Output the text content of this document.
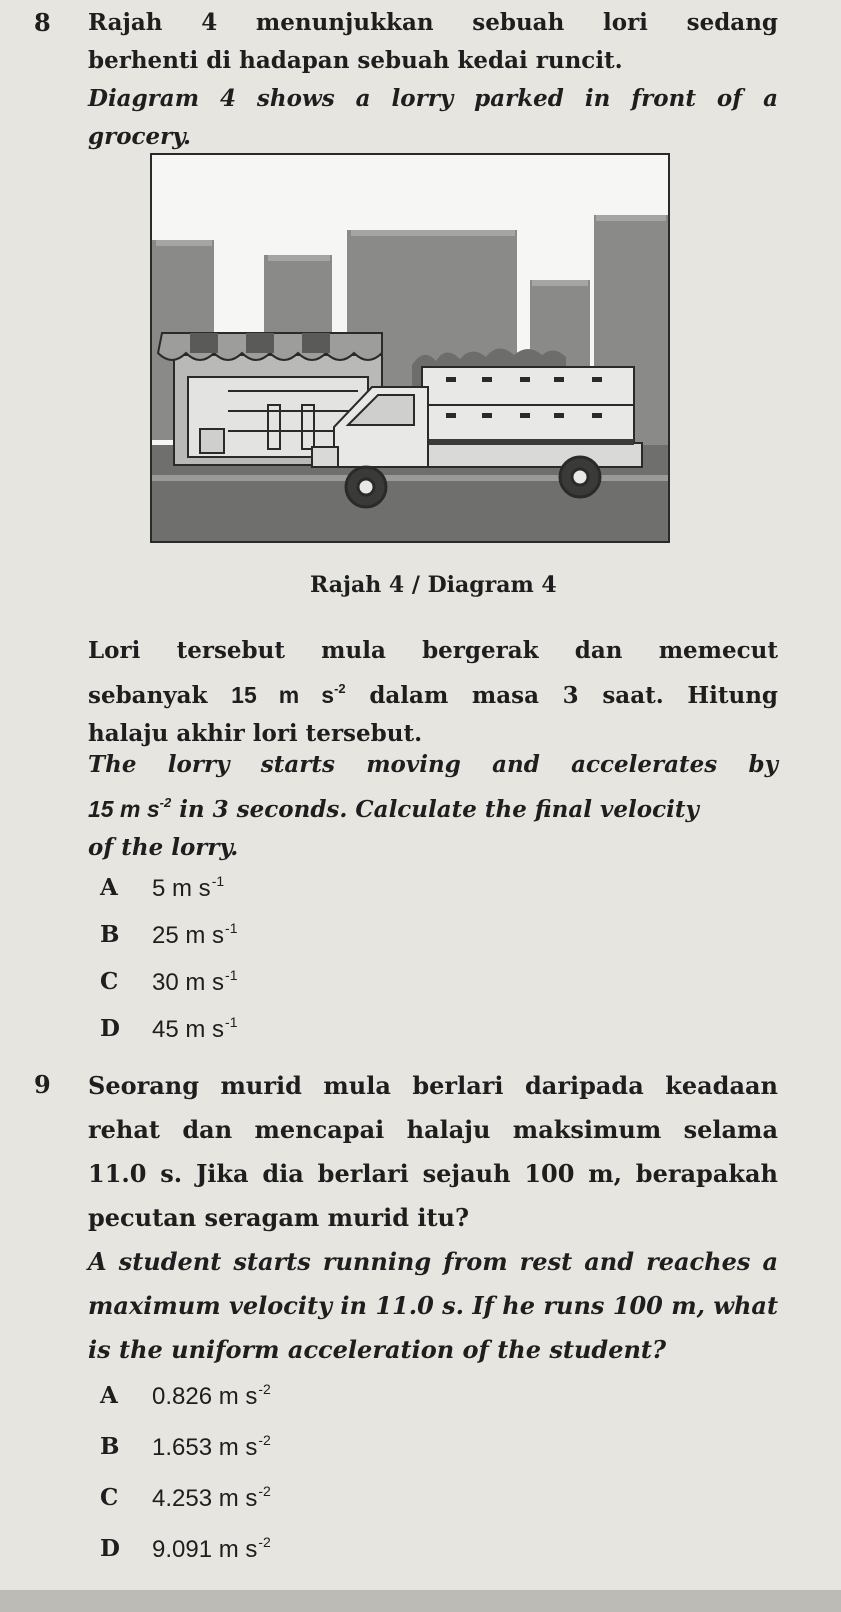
8 Rajah 4 menunjukkan sebuah lori sedang
berhenti di hadapan sebuah kedai runcit.
Diagram 4 shows a lorry parked in front of a
grocery.
Rajah 4 / Diagram 4
Lori tersebut mula bergerak dan memecut
sebanyak 15 m $s^{-2}$ dalam masa 3 saat. Hitung
halaju akhir lori tersebut.
The lorry starts moving and accelerates by
15 m $s^{-2}$ in 3 seconds. Calculate the final velocity
of the lorry.
A	5 m $s^{-1}$
B	25 m $s^{-1}$
C	30 m $s^{-1}$
D	45 m $s^{-1}$
9 Seorang murid mula berlari daripada keadaan
rehat dan mencapai halaju maksimum selama
11.0 s. Jika dia berlari sejauh 100 m, berapakah
pecutan seragam murid itu?
A student starts running from rest and reaches a
maximum velocity in 11.0 s. If he runs 100 m, what
is the uniform acceleration of the student?
A	0.826 m $s^{-2}$
B	1.653 m $s^{-2}$
C	4.253 m $s^{-2}$
D	9.091 m $s^{-2}$
